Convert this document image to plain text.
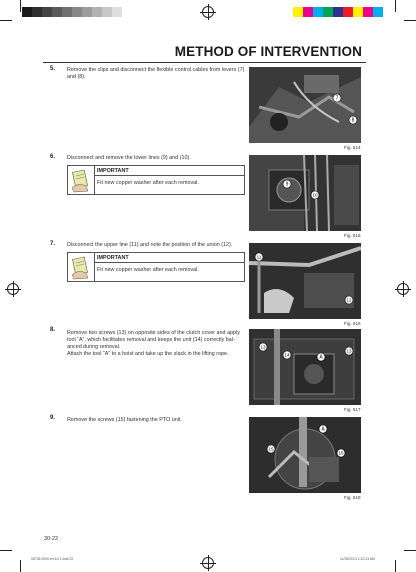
METHOD OF INTERVENTION
5. Remove the clips and disconnect the flexible control cables from levers (7)
and (8).
7
8
Fig. 514
6. Disconnect and remove the lower lines (9) and (10).
IMPORTANT
Fit new copper washer after each removal.	9
10
Fig. 515
7. Disconnect the upper line (11) and note the position of the union (12).
IMPORTANT
Fit new copper washer after each removal.
11
12
Fig. 516
8. Remove two screws (13) on opposite sides of the clutch cover and apply
tool “A”, which facilitates removal and keeps the unit (14) correctly bal-
anced during removal.
Attach the tool “A” to a hoist and take up the slack in the lifting rope.
13
14	A
13
Fig. 517
9. Remove the screws (15) fastening the PTO unit.
A
15
15
Fig. 518
30-22
06736.0000.en.6.01.indd 22	11/25/2013 1:22:23 AM
